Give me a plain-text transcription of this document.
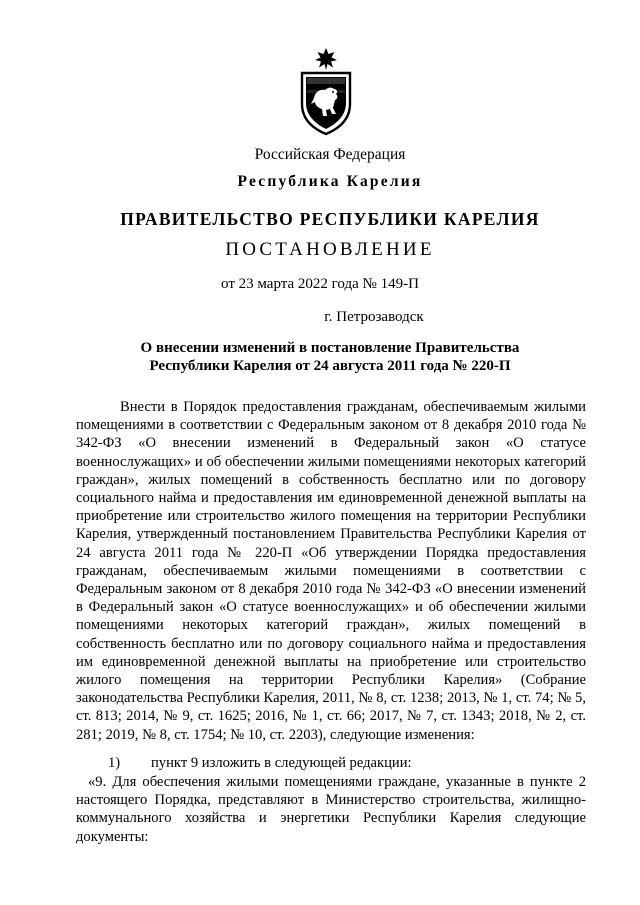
Российская Федерация
Республика Карелия
ПРАВИТЕЛЬСТВО РЕСПУБЛИКИ КАРЕЛИЯ
ПОСТАНОВЛЕНИЕ
от 23 марта 2022 года № 149-П
г. Петрозаводск
О внесении изменений в постановление Правительства
Республики Карелия от 24 августа 2011 года № 220-П
Внести в Порядок предоставления гражданам, обеспечиваемым жилыми помещениями в соответствии с Федеральным законом от 8 декабря 2010 года № 342-ФЗ «О внесении изменений в Федеральный закон «О статусе военнослужащих» и об обеспечении жилыми помещениями некоторых категорий граждан», жилых помещений в собственность бесплатно или по договору социального найма и предоставления им единовременной денежной выплаты на приобретение или строительство жилого помещения на территории Республики Карелия, утвержденный постановлением Правительства Республики Карелия от 24 августа 2011 года № 220-П «Об утверждении Порядка предоставления гражданам, обеспечиваемым жилыми помещениями в соответствии с Федеральным законом от 8 декабря 2010 года № 342-ФЗ «О внесении изменений в Федеральный закон «О статусе военнослужащих» и об обеспечении жилыми помещениями некоторых категорий граждан», жилых помещений в собственность бесплатно или по договору социального найма и предоставления им единовременной денежной выплаты на приобретение или строительство жилого помещения на территории Республики Карелия» (Собрание законодательства Республики Карелия, 2011, № 8, ст. 1238; 2013, № 1, ст. 74; № 5, ст. 813; 2014, № 9, ст. 1625; 2016, № 1, ст. 66; 2017, № 7, ст. 1343; 2018, № 2, ст. 281; 2019, № 8, ст. 1754; № 10, ст. 2203), следующие изменения:
1) пункт 9 изложить в следующей редакции:
«9. Для обеспечения жилыми помещениями граждане, указанные в пункте 2 настоящего Порядка, представляют в Министерство строительства, жилищно-коммунального хозяйства и энергетики Республики Карелия следующие документы:
